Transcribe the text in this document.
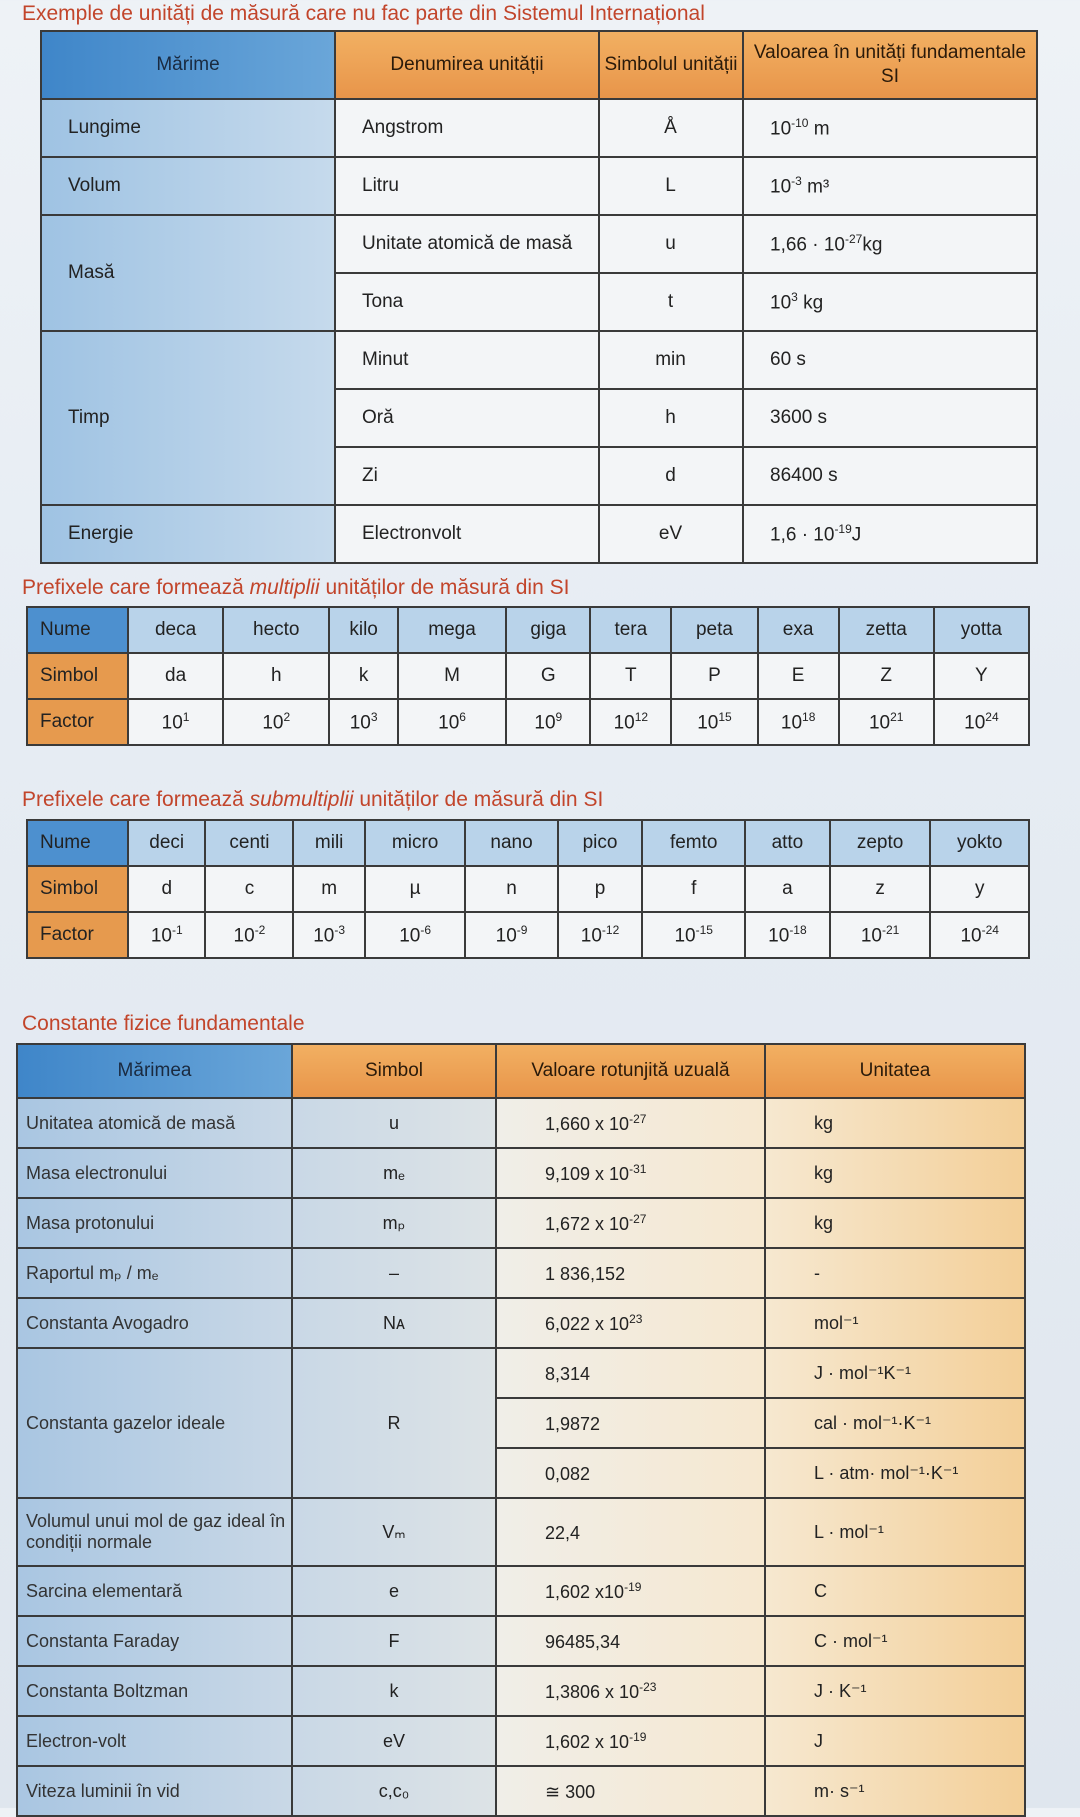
Exemple de unități de măsură care nu fac parte din Sistemul Internațional
Mărime	Denumirea unității	Simbolul unității	Valoarea în unități fundamentale SI
Lungime	Angstrom	Å	$10^{-10}$ m
Volum	Litru	L	$10^{-3}$ m³
Masă	Unitate atomică de masă	u	$1,66 \cdot 10^{-27}kg$
	Tona	t	$10^3$ kg
Timp	Minut	min	60 s
	Oră	h	3600 s
	Zi	d	86400 s
Energie	Electronvolt	eV	$1,6 \cdot 10^{-19}J$
Prefixele care formează multiplii unităților de măsură din SI
Nume	deca	hecto	kilo	mega	giga	tera	peta	exa	zetta	yotta
Simbol	da	h	k	M	G	T	P	E	Z	Y
Factor	$10^1$	$10^2$	$10^3$	$10^6$	$10^9$	$10^{12}$	$10^{15}$	$10^{18}$	$10^{21}$	$10^{24}$
Prefixele care formează submultiplii unităților de măsură din SI
Nume	deci	centi	mili	micro	nano	pico	femto	atto	zepto	yokto
Simbol	d	c	m	µ	n	p	f	a	z	y
Factor	$10^{-1}$	$10^{-2}$	$10^{-3}$	$10^{-6}$	$10^{-9}$	$10^{-12}$	$10^{-15}$	$10^{-18}$	$10^{-21}$	$10^{-24}$
Constante fizice fundamentale
Mărimea	Simbol	Valoare rotunjită uzuală	Unitatea
Unitatea atomică de masă	u	1,660 x $10^{-27}$	kg
Masa electronului	mₑ	9,109 x $10^{-31}$	kg
Masa protonului	mₚ	1,672 x $10^{-27}$	kg
Raportul mₚ / mₑ	–	1 836,152	-
Constanta Avogadro	Nᴀ	6,022 x $10^{23}$	mol⁻¹
Constanta gazelor ideale	R	8,314	J · mol⁻¹K⁻¹
		1,9872	cal · mol⁻¹·K⁻¹
		0,082	L · atm· mol⁻¹·K⁻¹
Volumul unui mol de gaz ideal în condiții normale	Vₘ	22,4	L · mol⁻¹
Sarcina elementară	e	1,602 $x10^{-19}$	C
Constanta Faraday	F	96485,34	C · mol⁻¹
Constanta Boltzman	k	1,3806 x $10^{-23}$	J · K⁻¹
Electron-volt	eV	1,602 x $10^{-19}$	J
Viteza luminii în vid	c,c₀	≅ 300	m· s⁻¹
